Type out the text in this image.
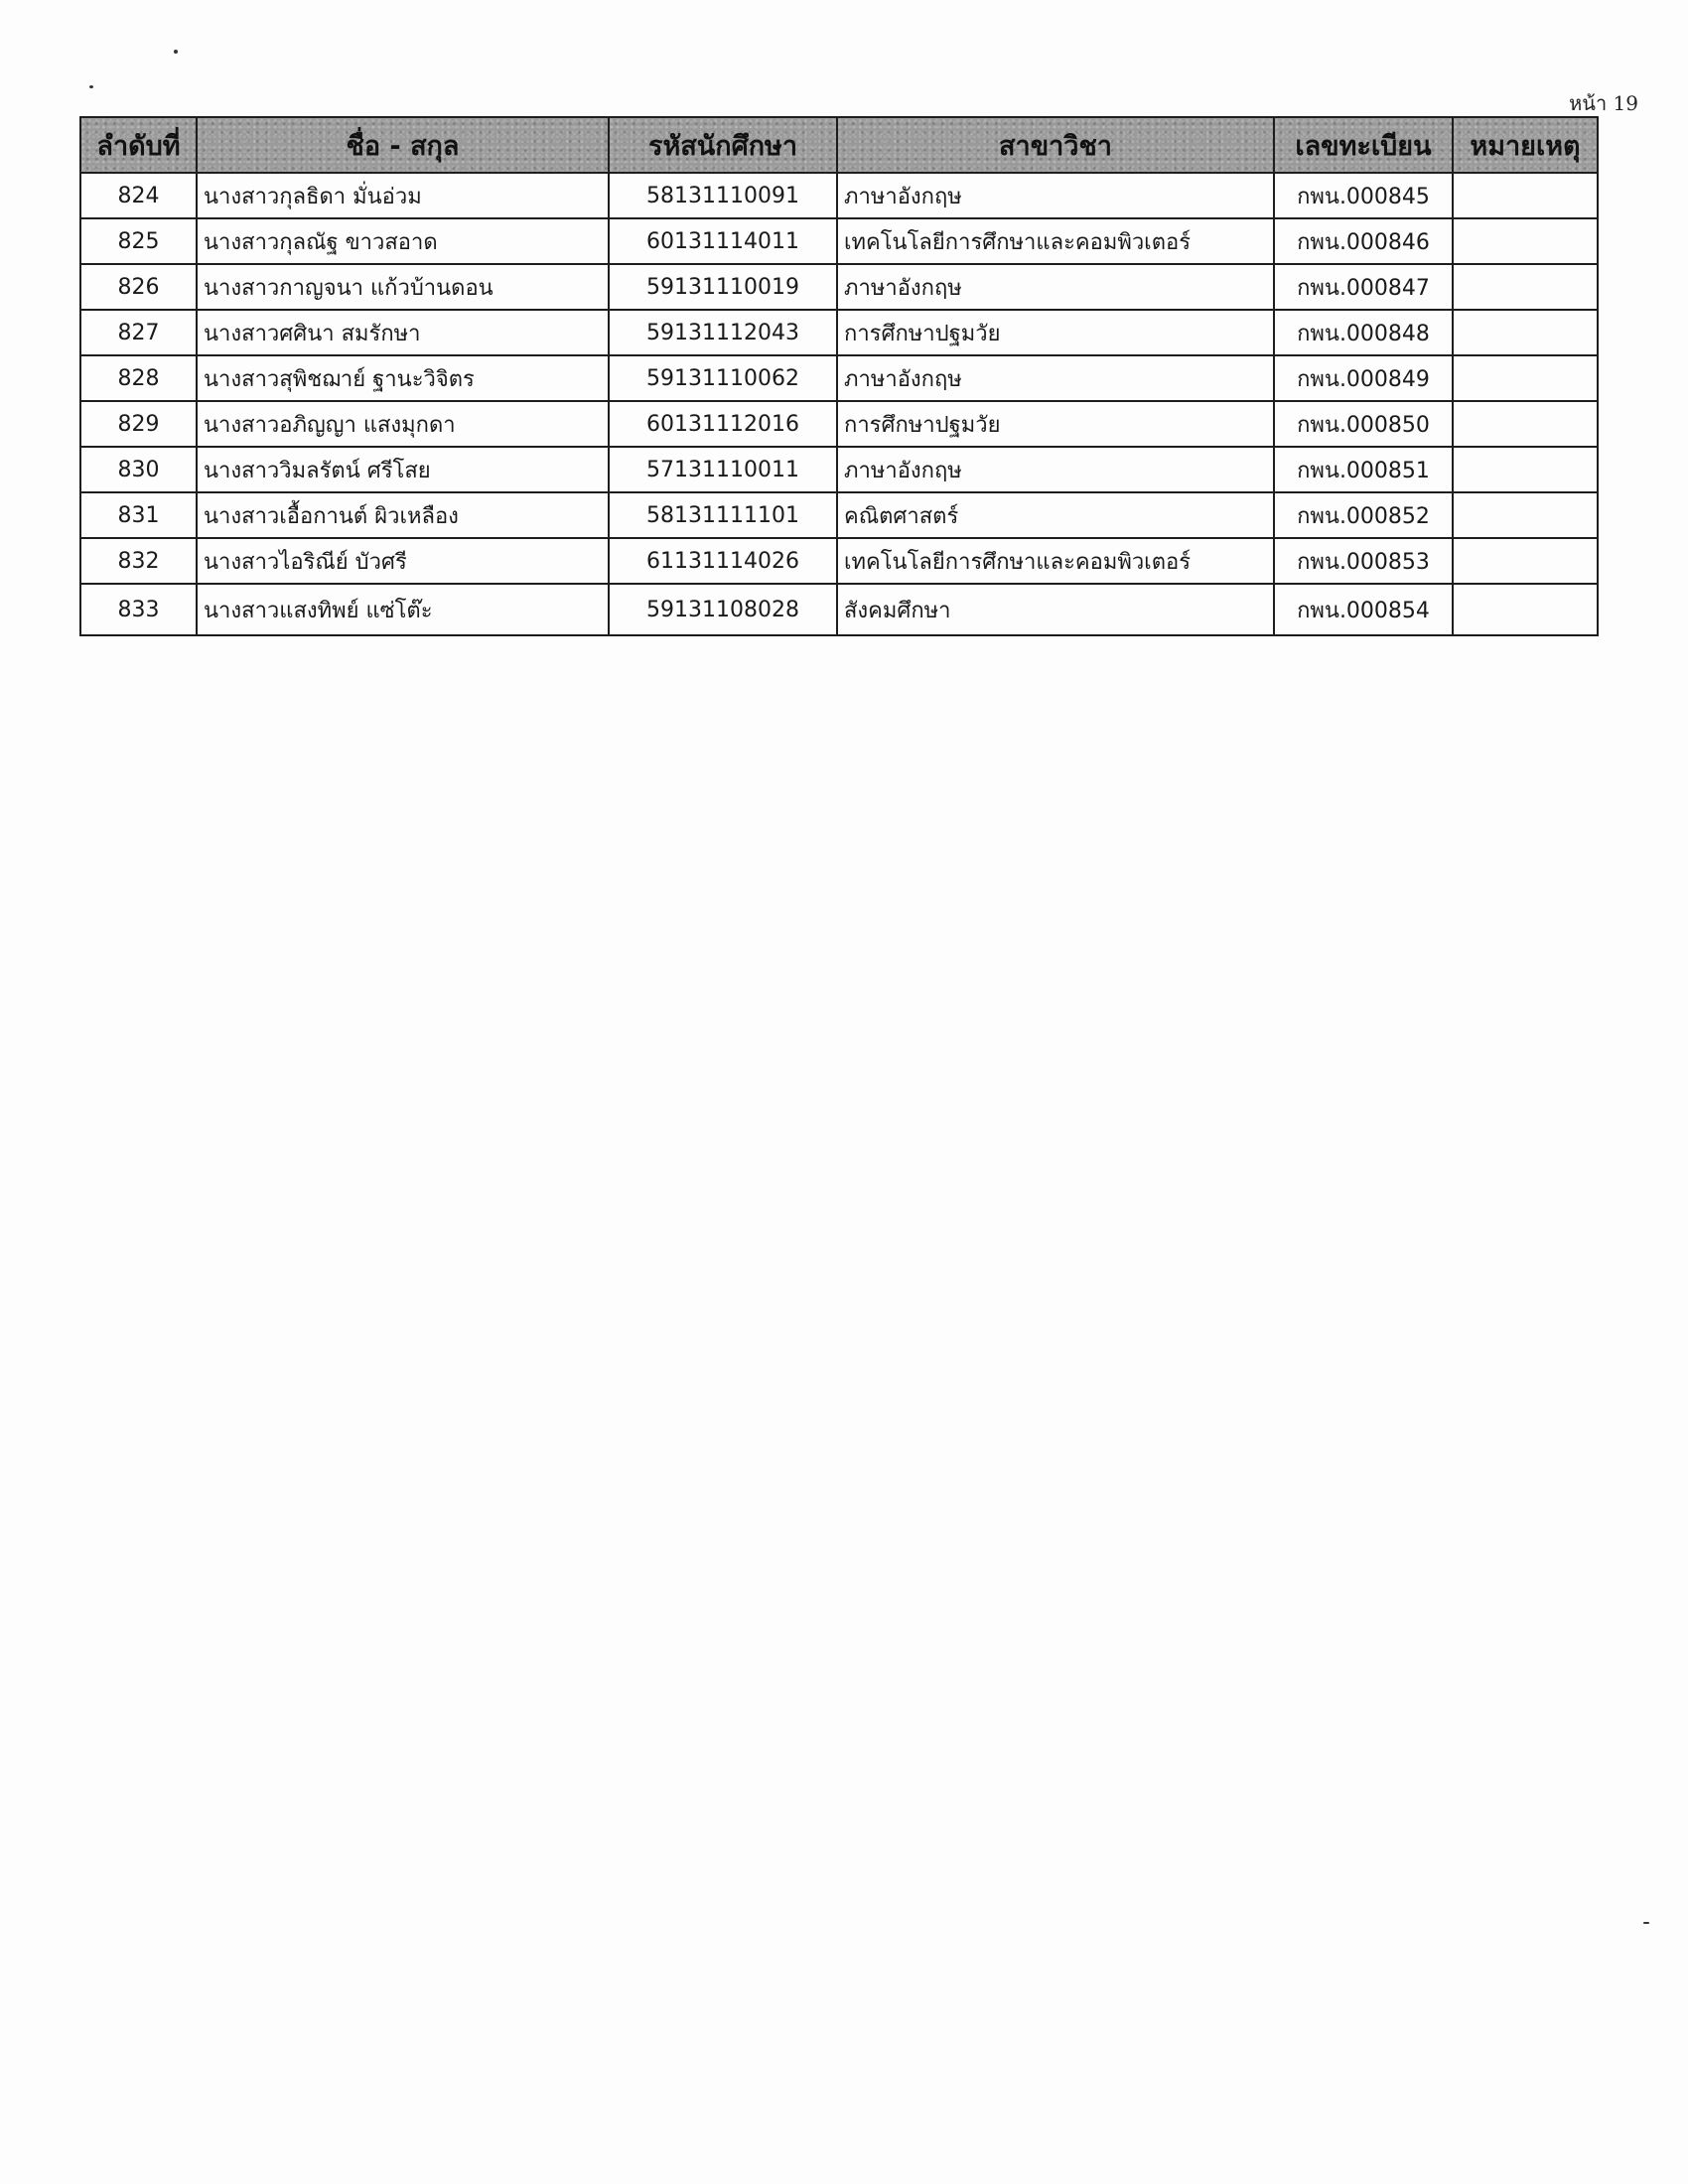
หน้า 19
ลำดับที่	ชื่อ - สกุล	รหัสนักศึกษา	สาขาวิชา	เลขทะเบียน	หมายเหตุ
824	นางสาวกุลธิดา มั่นอ่วม	58131110091	ภาษาอังกฤษ	กพน.000845	
825	นางสาวกุลณัฐ ขาวสอาด	60131114011	เทคโนโลยีการศึกษาและคอมพิวเตอร์	กพน.000846	
826	นางสาวกาญจนา แก้วบ้านดอน	59131110019	ภาษาอังกฤษ	กพน.000847	
827	นางสาวศศินา สมรักษา	59131112043	การศึกษาปฐมวัย	กพน.000848	
828	นางสาวสุพิชฌาย์ ฐานะวิจิตร	59131110062	ภาษาอังกฤษ	กพน.000849	
829	นางสาวอภิญญา แสงมุกดา	60131112016	การศึกษาปฐมวัย	กพน.000850	
830	นางสาววิมลรัตน์ ศรีโสย	57131110011	ภาษาอังกฤษ	กพน.000851	
831	นางสาวเอื้อกานต์ ผิวเหลือง	58131111101	คณิตศาสตร์	กพน.000852	
832	นางสาวไอริณีย์ บัวศรี	61131114026	เทคโนโลยีการศึกษาและคอมพิวเตอร์	กพน.000853	
833	นางสาวแสงทิพย์ แซ่โต๊ะ	59131108028	สังคมศึกษา	กพน.000854	
